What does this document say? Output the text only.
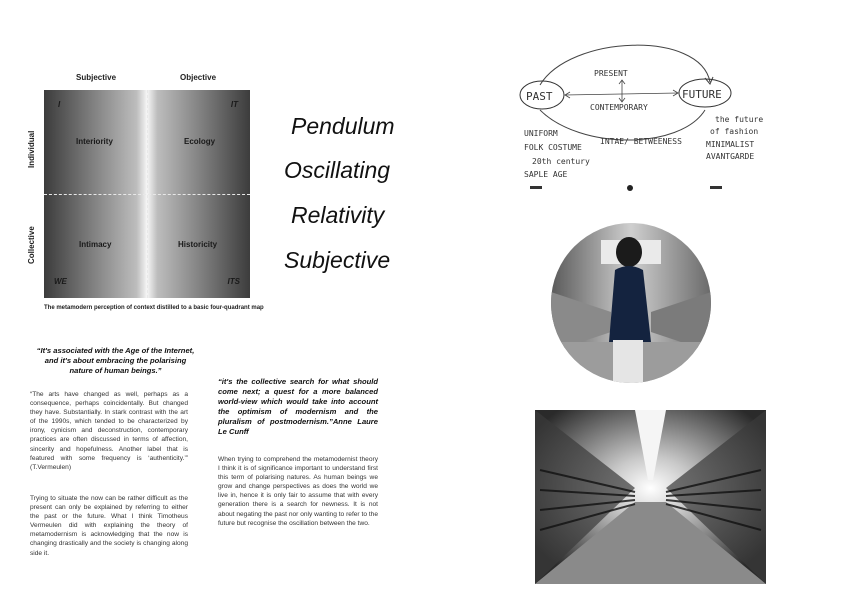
Subjective	Objective
Individual
Collective
I	IT
WE	ITS
Interiority	Ecology
Intimacy	Historicity
The metamodern perception of context distilled to a basic four-quadrant map
Pendulum
Oscillating
Relativity
Subjective
PAST
PRESENT
FUTURE
CONTEMPORARY
UNIFORM
FOLK COSTUME
20th century
SAPLE AGE
INTAE/ BETWEENESS
the future
of fashion
MINIMALIST
AVANTGARDE
“It's associated with the Age of the Internet, and it's about embracing the polarising nature of human beings.”
“The arts have changed as well, perhaps as a consequence, perhaps coincidentally. But changed they have. Substantially. In stark contrast with the art of the 1990s, which tended to be characterized by irony, cynicism and deconstruction, contemporary practices are often discussed in terms of affection, sincerity and hopefulness. Another label that is featured with some frequency is ‘authenticity.’” (T.Vermeulen)
Trying to situate the now can be rather difficult as the present can only be explained by referring to either the past or the future. What I think Timotheus Vermeulen did with explaining the theory of metamodernism is acknowledging that the now is changing drastically and the society is changing along side it.
“it's the collective search for what should come next; a quest for a more balanced world-view which would take into account the optimism of modernism and the pluralism of postmodernism.”Anne Laure Le Cunff
When trying to comprehend the metamodernist theory I think it is of significance important to understand first this term of polarising natures. As human beings we grow and change perspectives as does the world we live in, hence it is only fair to assume that with every generation there is a search for newness. It is not about negating the past nor only wanting to refer to the future but recognise the oscillation between the two.
